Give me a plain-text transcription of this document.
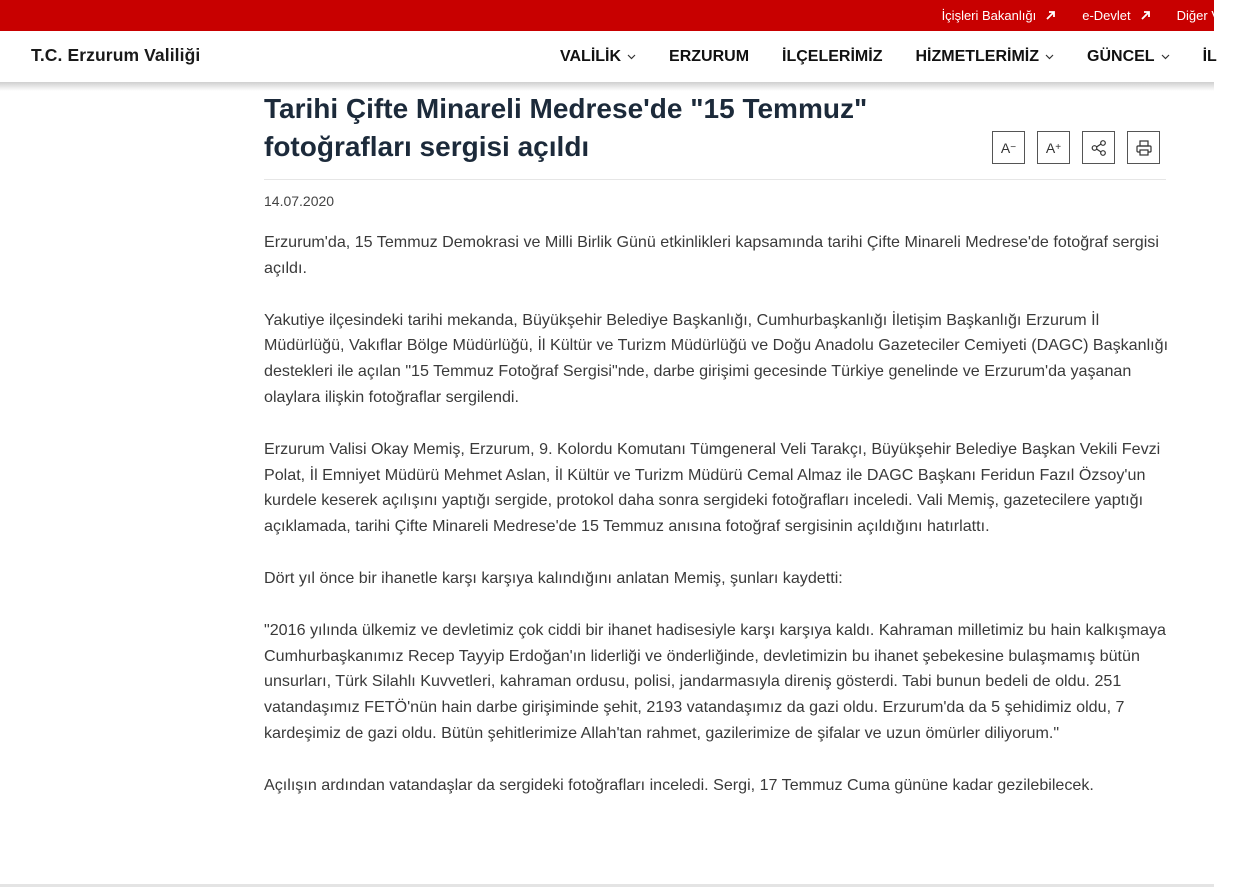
İçişleri Bakanlığı	e-Devlet	Diğer V
T.C. Erzurum Valiliği	VALİLİK	ERZURUM İLÇELERİMİZ HİZMETLERİMİZ	GÜNCEL	İL
Tarihi Çifte Minareli Medrese'de "15 Temmuz" fotoğrafları sergisi açıldı	A − A +
14.07.2020

Erzurum'da, 15 Temmuz Demokrasi ve Milli Birlik Günü etkinlikleri kapsamında tarihi Çifte Minareli Medrese'de fotoğraf sergisi açıldı.

Yakutiye ilçesindeki tarihi mekanda, Büyükşehir Belediye Başkanlığı, Cumhurbaşkanlığı İletişim Başkanlığı Erzurum İl Müdürlüğü, Vakıflar Bölge Müdürlüğü, İl Kültür ve Turizm Müdürlüğü ve Doğu Anadolu Gazeteciler Cemiyeti (DAGC) Başkanlığı destekleri ile açılan "15 Temmuz Fotoğraf Sergisi"nde, darbe girişimi gecesinde Türkiye genelinde ve Erzurum'da yaşanan olaylara ilişkin fotoğraflar sergilendi.

Erzurum Valisi Okay Memiş, Erzurum, 9. Kolordu Komutanı Tümgeneral Veli Tarakçı, Büyükşehir Belediye Başkan Vekili Fevzi Polat, İl Emniyet Müdürü Mehmet Aslan, İl Kültür ve Turizm Müdürü Cemal Almaz ile DAGC Başkanı Feridun Fazıl Özsoy'un kurdele keserek açılışını yaptığı sergide, protokol daha sonra sergideki fotoğrafları inceledi. Vali Memiş, gazetecilere yaptığı açıklamada, tarihi Çifte Minareli Medrese'de 15 Temmuz anısına fotoğraf sergisinin açıldığını hatırlattı.

Dört yıl önce bir ihanetle karşı karşıya kalındığını anlatan Memiş, şunları kaydetti:

"2016 yılında ülkemiz ve devletimiz çok ciddi bir ihanet hadisesiyle karşı karşıya kaldı. Kahraman milletimiz bu hain kalkışmaya Cumhurbaşkanımız Recep Tayyip Erdoğan'ın liderliği ve önderliğinde, devletimizin bu ihanet şebekesine bulaşmamış bütün unsurları, Türk Silahlı Kuvvetleri, kahraman ordusu, polisi, jandarmasıyla direniş gösterdi. Tabi bunun bedeli de oldu. 251 vatandaşımız FETÖ'nün hain darbe girişiminde şehit, 2193 vatandaşımız da gazi oldu. Erzurum'da da 5 şehidimiz oldu, 7 kardeşimiz de gazi oldu. Bütün şehitlerimize Allah'tan rahmet, gazilerimize de şifalar ve uzun ömürler diliyorum."

Açılışın ardından vatandaşlar da sergideki fotoğrafları inceledi. Sergi, 17 Temmuz Cuma gününe kadar gezilebilecek.
